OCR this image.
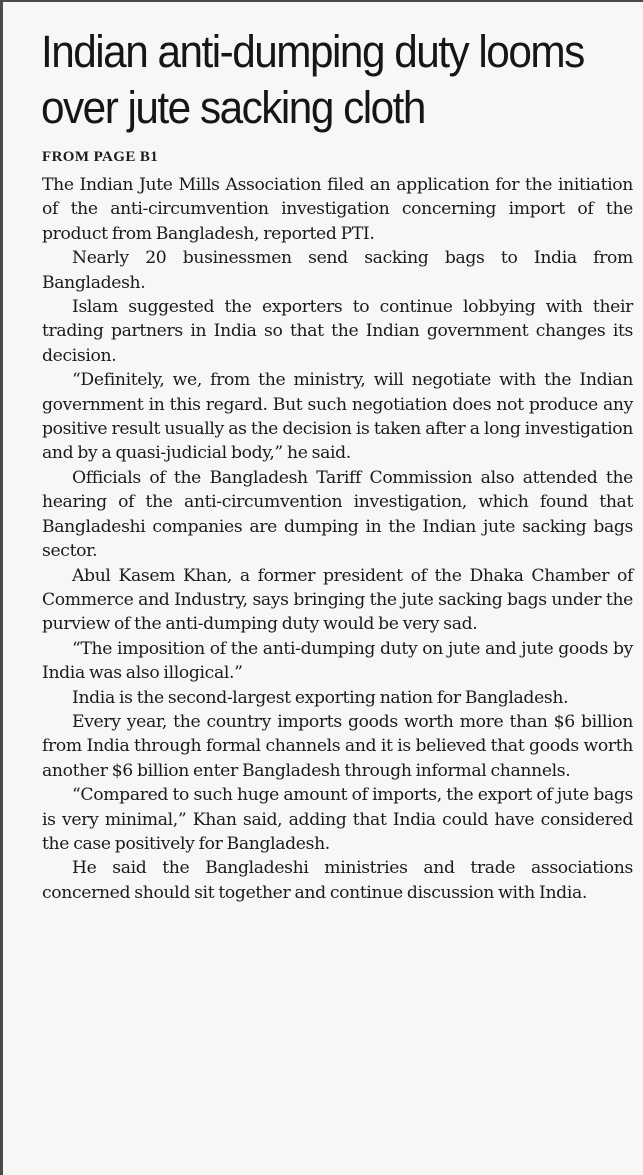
Indian anti-dumping duty looms over jute sacking cloth
FROM PAGE B1

The Indian Jute Mills Association filed an application for the initiation of the anti-circumvention investigation concerning import of the product from Bangladesh, reported PTI.

Nearly 20 businessmen send sacking bags to India from Bangladesh.

Islam suggested the exporters to continue lobbying with their trading partners in India so that the Indian government changes its decision.

“Definitely, we, from the ministry, will negotiate with the Indian government in this regard. But such negotiation does not produce any positive result usually as the decision is taken after a long investigation and by a quasi-judicial body,” he said.

Officials of the Bangladesh Tariff Commission also attended the hearing of the anti-circumvention investigation, which found that Bangladeshi companies are dumping in the Indian jute sacking bags sector.

Abul Kasem Khan, a former president of the Dhaka Chamber of Commerce and Industry, says bringing the jute sacking bags under the purview of the anti-dumping duty would be very sad.

“The imposition of the anti-dumping duty on jute and jute goods by India was also illogical.”

India is the second-largest exporting nation for Bangladesh.

Every year, the country imports goods worth more than $6 billion from India through formal channels and it is believed that goods worth another $6 billion enter Bangladesh through informal channels.

“Compared to such huge amount of imports, the export of jute bags is very minimal,” Khan said, adding that India could have considered the case positively for Bangladesh.

He said the Bangladeshi ministries and trade associations concerned should sit together and continue discussion with India.
